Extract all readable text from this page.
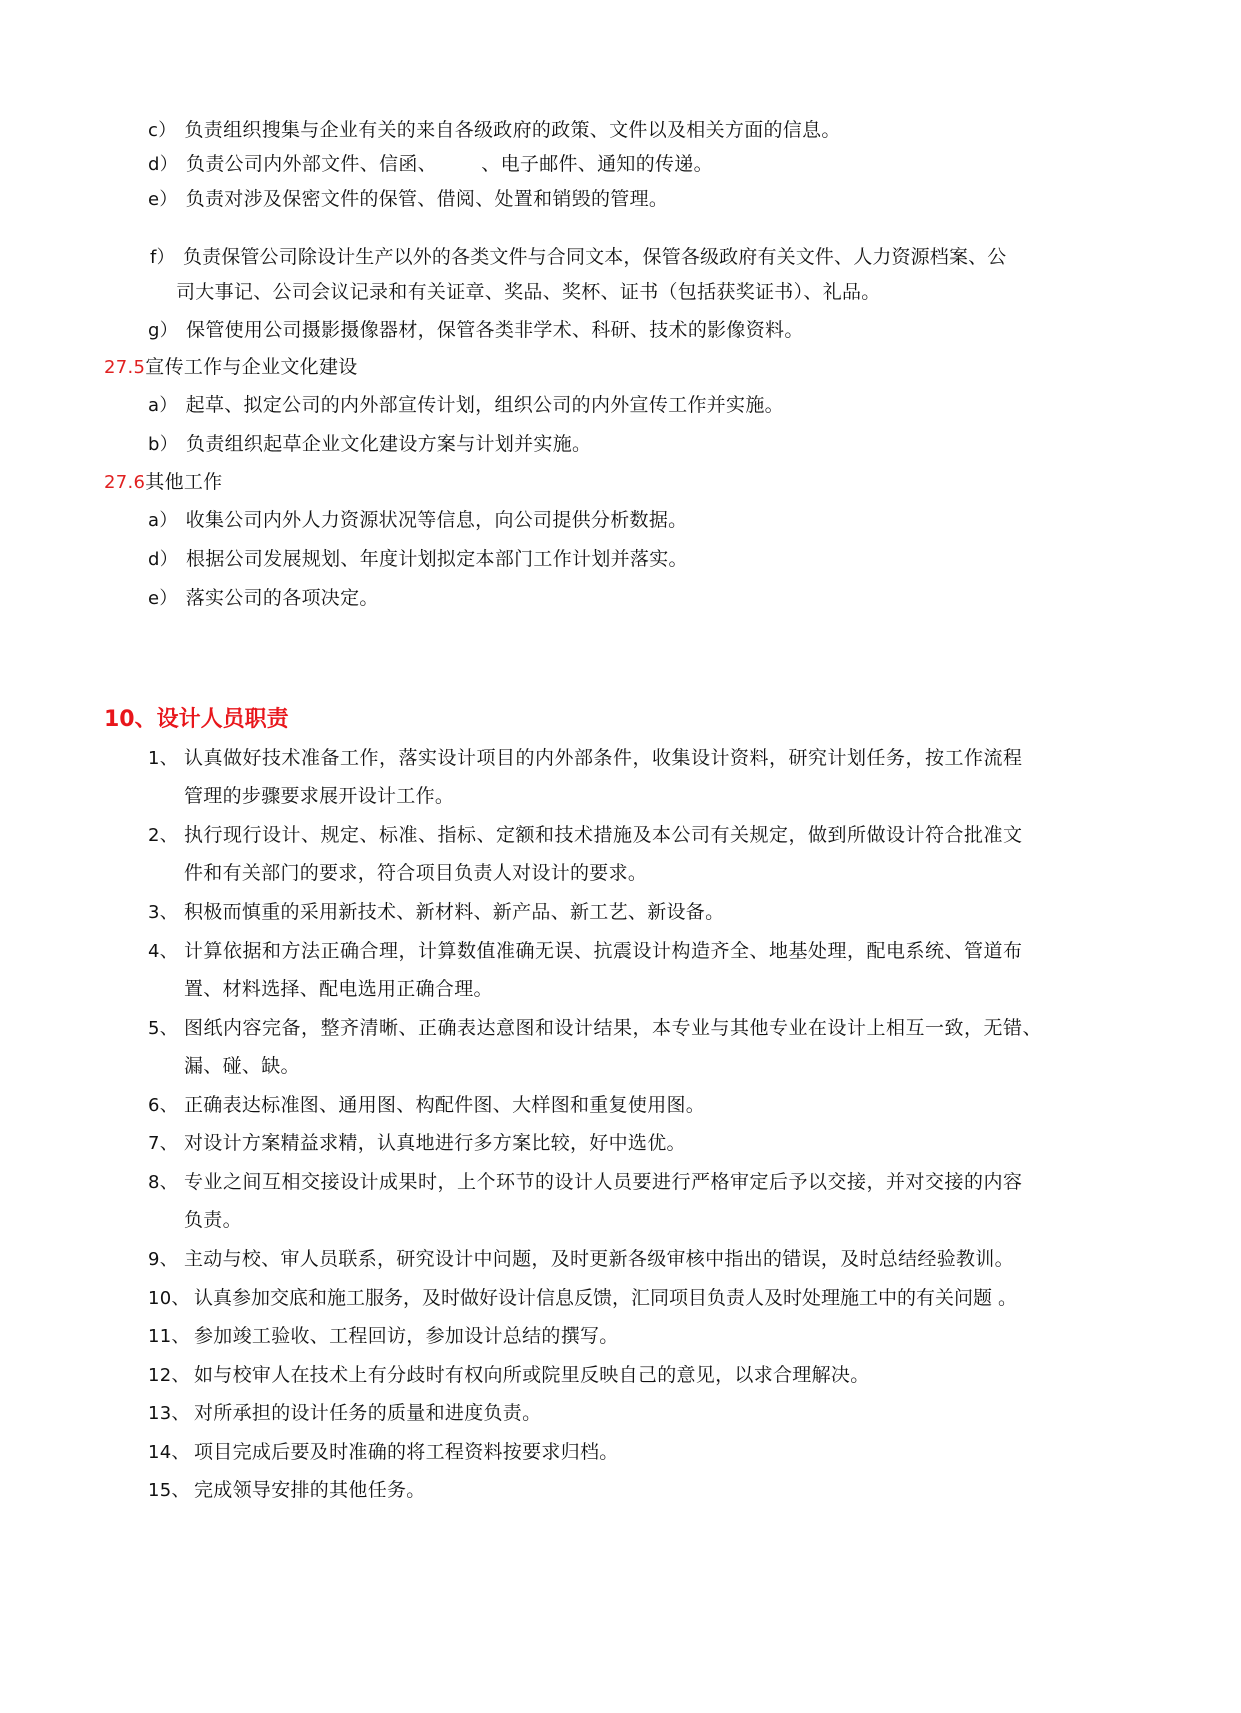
c） 负责组织搜集与企业有关的来自各级政府的政策、文件以及相关方面的信息。
d） 负责公司内外部文件、信函、       、电子邮件、通知的传递。
e） 负责对涉及保密文件的保管、借阅、处置和销毁的管理。
f） 负责保管公司除设计生产以外的各类文件与合同文本，保管各级政府有关文件、人力资源档案、公
司大事记、公司会议记录和有关证章、奖品、奖杯、证书（包括获奖证书）、礼品。
g） 保管使用公司摄影摄像器材，保管各类非学术、科研、技术的影像资料。
27.5宣传工作与企业文化建设
a） 起草、拟定公司的内外部宣传计划，组织公司的内外宣传工作并实施。
b） 负责组织起草企业文化建设方案与计划并实施。
27.6其他工作
a） 收集公司内外人力资源状况等信息，向公司提供分析数据。
d） 根据公司发展规划、年度计划拟定本部门工作计划并落实。
e） 落实公司的各项决定。
10、设计人员职责
1、 认真做好技术准备工作，落实设计项目的内外部条件，收集设计资料，研究计划任务，按工作流程
管理的步骤要求展开设计工作。
2、 执行现行设计、规定、标准、指标、定额和技术措施及本公司有关规定，做到所做设计符合批准文
件和有关部门的要求，符合项目负责人对设计的要求。
3、 积极而慎重的采用新技术、新材料、新产品、新工艺、新设备。
4、 计算依据和方法正确合理，计算数值准确无误、抗震设计构造齐全、地基处理，配电系统、管道布
置、材料选择、配电选用正确合理。
5、 图纸内容完备，整齐清晰、正确表达意图和设计结果，本专业与其他专业在设计上相互一致，无错、
漏、碰、缺。
6、 正确表达标准图、通用图、构配件图、大样图和重复使用图。
7、 对设计方案精益求精，认真地进行多方案比较，好中选优。
8、 专业之间互相交接设计成果时，上个环节的设计人员要进行严格审定后予以交接，并对交接的内容
负责。
9、 主动与校、审人员联系，研究设计中问题，及时更新各级审核中指出的错误，及时总结经验教训。
10、 认真参加交底和施工服务，及时做好设计信息反馈，汇同项目负责人及时处理施工中的有关问题 。
11、 参加竣工验收、工程回访，参加设计总结的撰写。
12、 如与校审人在技术上有分歧时有权向所或院里反映自己的意见，以求合理解决。
13、 对所承担的设计任务的质量和进度负责。
14、 项目完成后要及时准确的将工程资料按要求归档。
15、 完成领导安排的其他任务。
